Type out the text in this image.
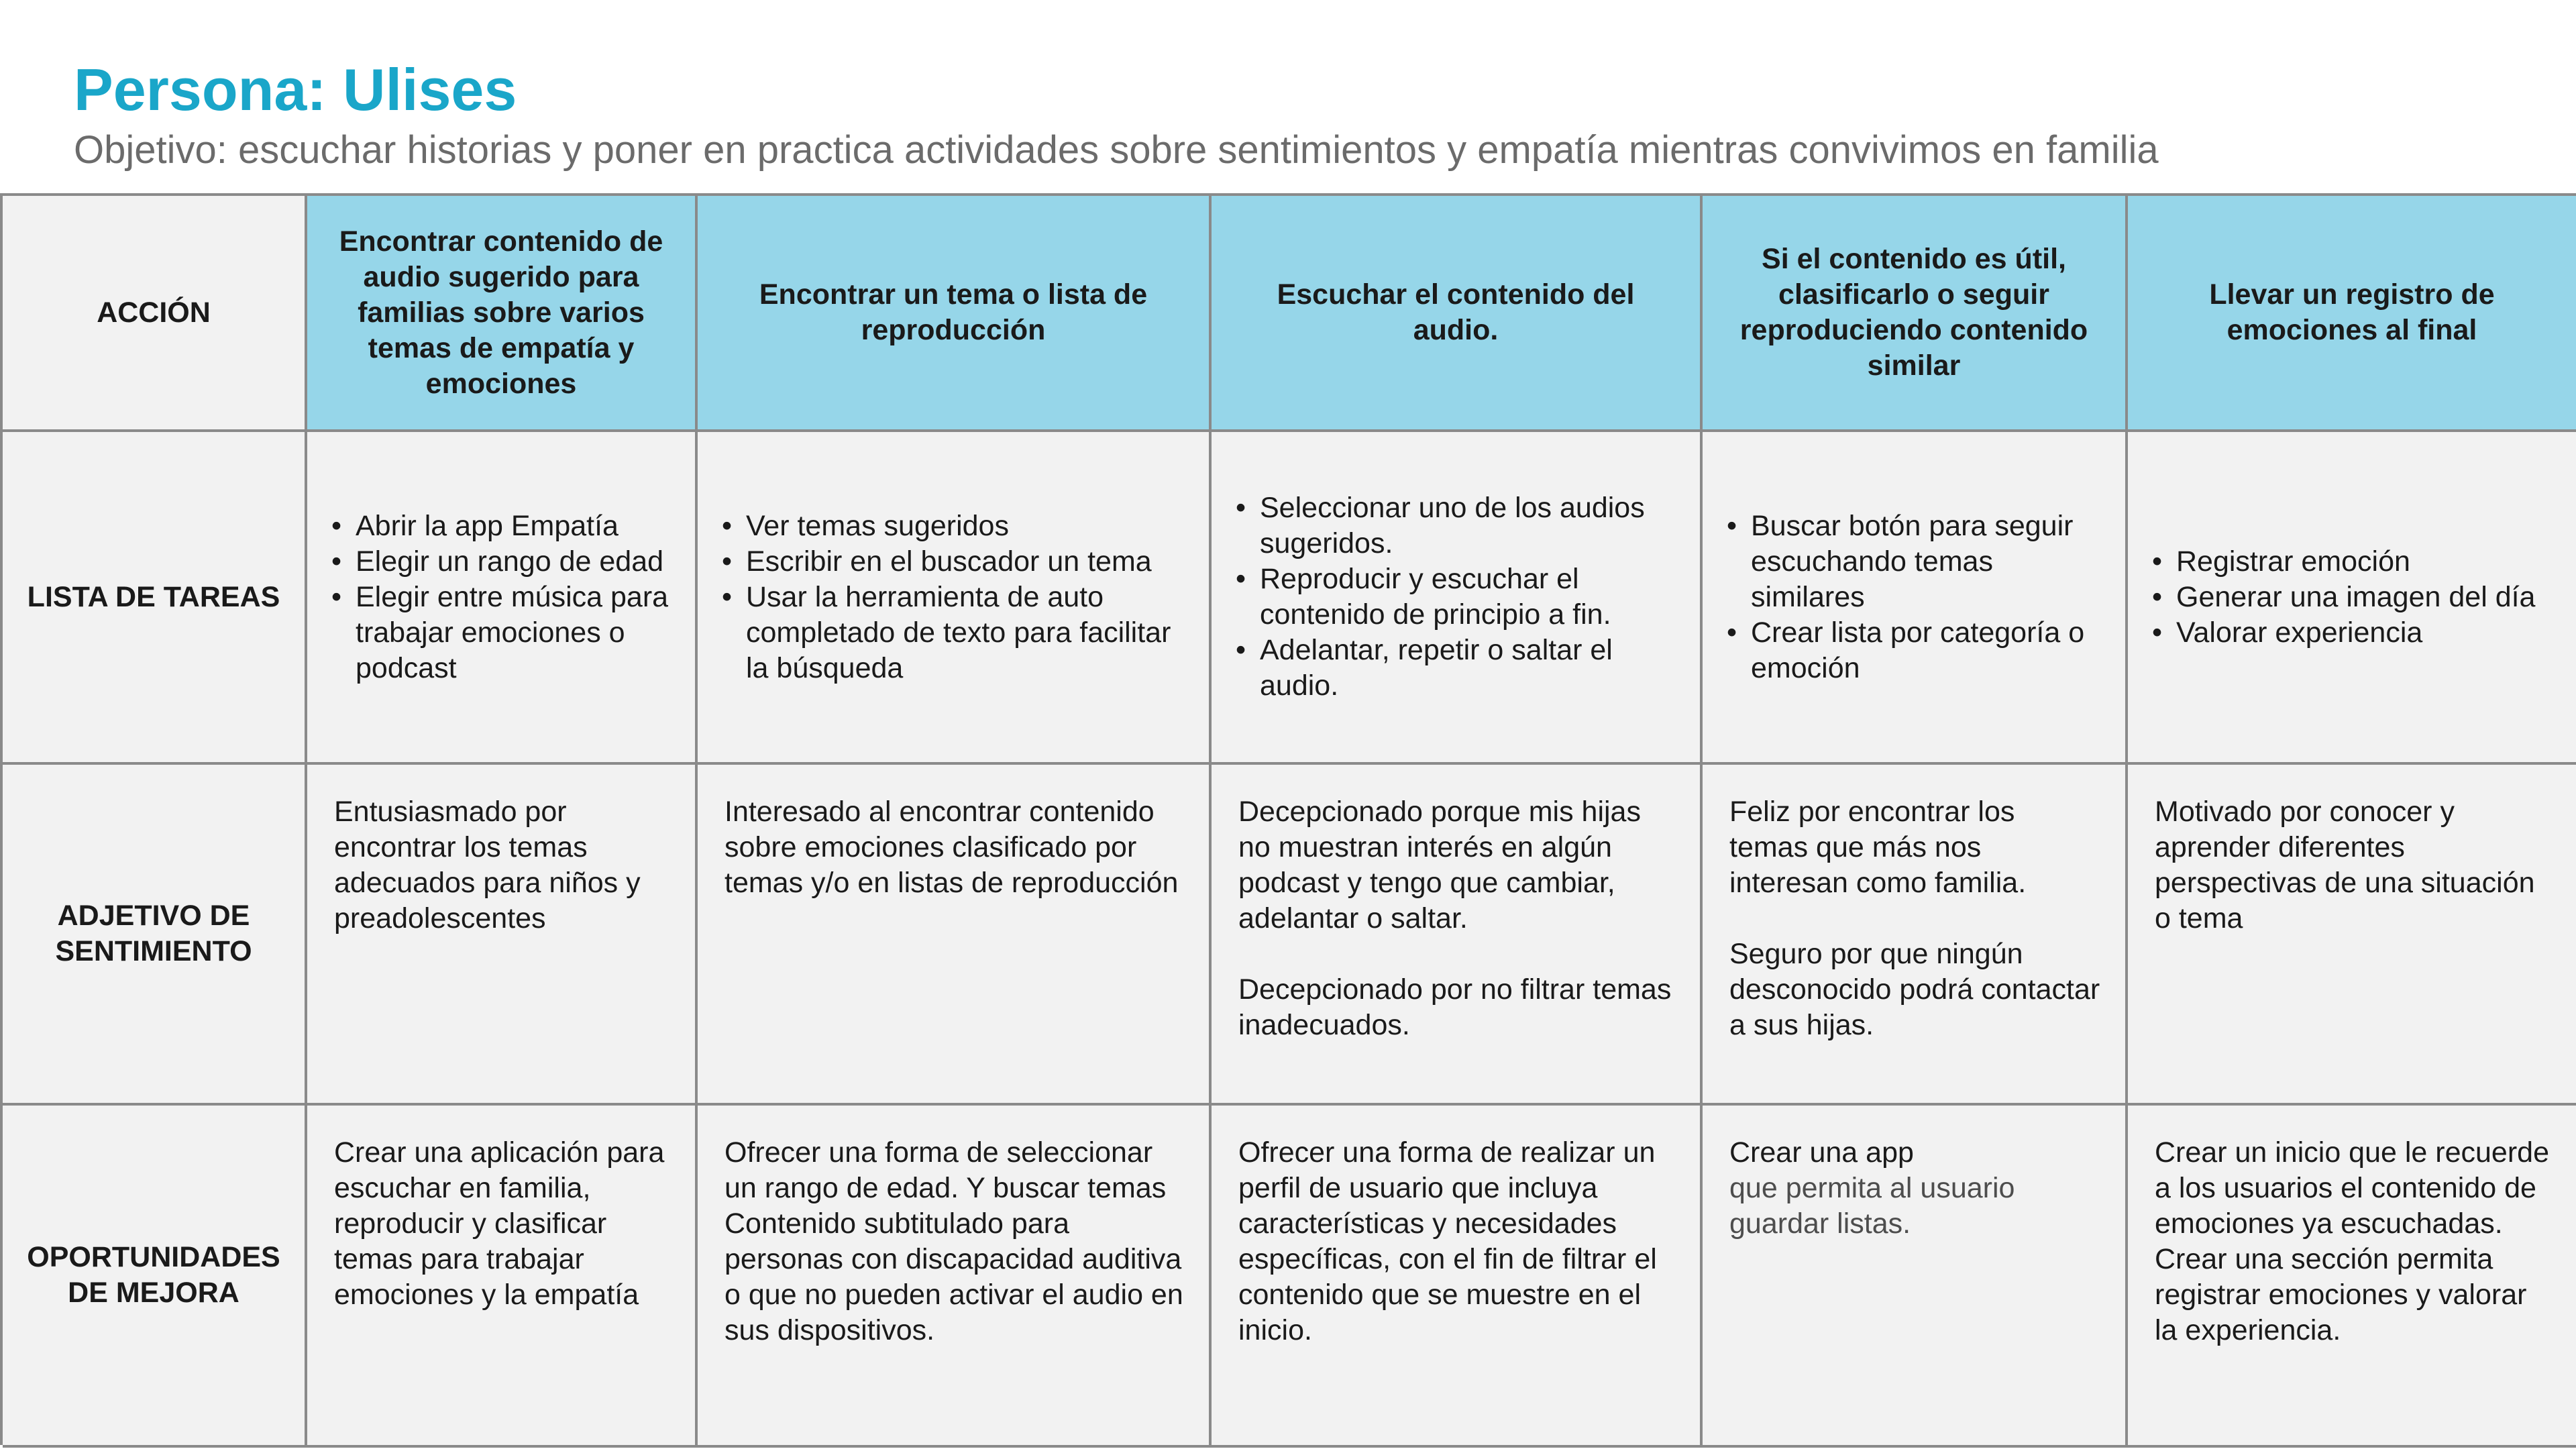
Persona: Ulises
Objetivo: escuchar historias y poner en practica actividades sobre sentimientos y empatía mientras convivimos en familia
ACCIÓN
Encontrar contenido de audio sugerido para familias sobre varios temas de empatía y emociones
Encontrar un tema o lista de reproducción
Escuchar el contenido del audio.
Si el contenido es útil, clasificarlo o seguir reproduciendo contenido similar
Llevar un registro de emociones al final
LISTA DE TAREAS
• Abrir la app Empatía
• Elegir un rango de edad
• Elegir entre música para trabajar emociones o podcast
• Ver temas sugeridos
• Escribir en el buscador un tema
• Usar la herramienta de auto completado de texto para facilitar la búsqueda
• Seleccionar uno de los audios sugeridos.
• Reproducir y escuchar el contenido de principio a fin.
• Adelantar, repetir o saltar el audio.
• Buscar botón para seguir escuchando temas similares
• Crear lista por categoría o emoción
• Registrar emoción
• Generar una imagen del día
• Valorar experiencia
ADJETIVO DE SENTIMIENTO

Entusiasmado por encontrar los temas adecuados para niños y preadolescentes

Interesado al encontrar contenido sobre emociones clasificado por temas y/o en listas de reproducción

Decepcionado porque mis hijas no muestran interés en algún podcast y tengo que cambiar, adelantar o saltar.

Decepcionado por no filtrar temas inadecuados.

Feliz por encontrar los temas que más nos interesan como familia.

Seguro por que ningún desconocido podrá contactar a sus hijas.

Motivado por conocer y aprender diferentes perspectivas de una situación o tema

OPORTUNIDADES DE MEJORA

Crear una aplicación para escuchar en familia, reproducir y clasificar temas para trabajar emociones y la empatía

Ofrecer una forma de seleccionar un rango de edad. Y buscar temas

Contenido subtitulado para personas con discapacidad auditiva o que no pueden activar el audio en sus dispositivos.

Ofrecer una forma de realizar un perfil de usuario que incluya características y necesidades específicas, con el fin de filtrar el contenido que se muestre en el inicio.

Crear una app

que permita al usuario guardar listas.

Crear un inicio que le recuerde a los usuarios el contenido de emociones ya escuchadas.

Crear una sección permita registrar emociones y valorar la experiencia.
